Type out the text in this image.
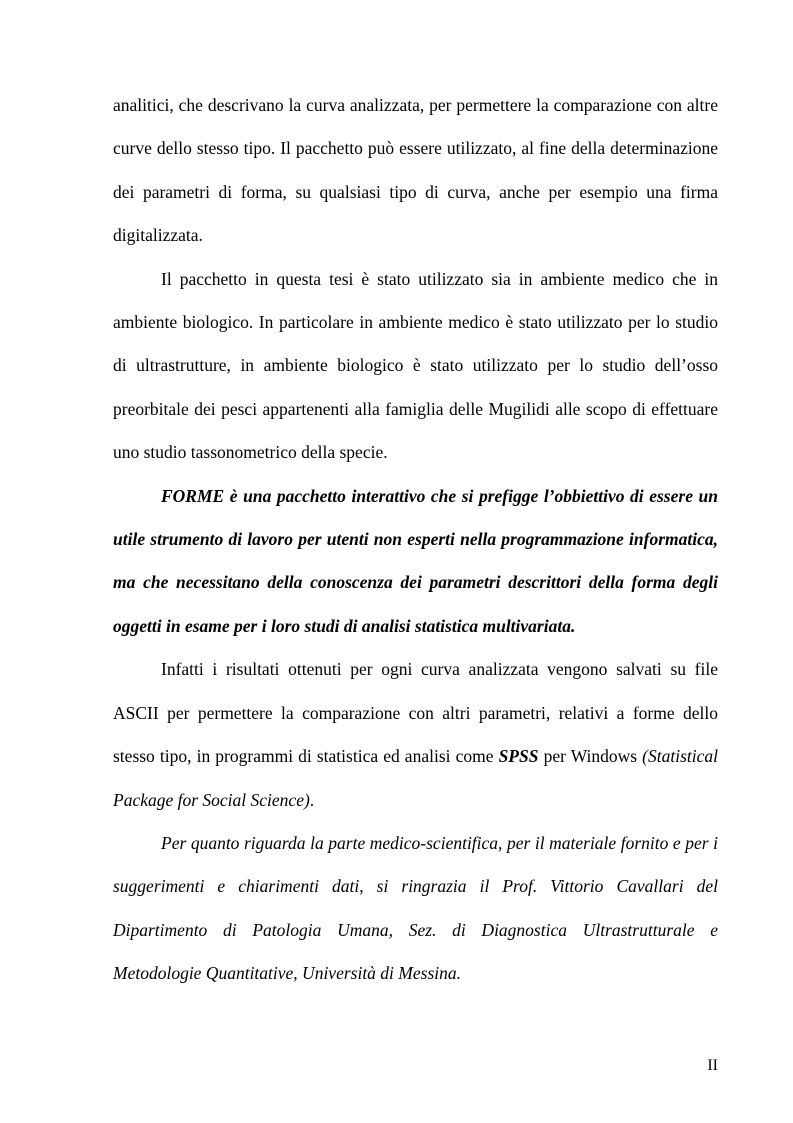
analitici, che descrivano la curva analizzata, per permettere la comparazione con altre curve dello stesso tipo. Il pacchetto può essere utilizzato, al fine della determinazione dei parametri di forma, su qualsiasi tipo di curva, anche per esempio una firma digitalizzata.

Il pacchetto in questa tesi è stato utilizzato sia in ambiente medico che in ambiente biologico. In particolare in ambiente medico è stato utilizzato per lo studio di ultrastrutture, in ambiente biologico è stato utilizzato per lo studio dell’osso preorbitale dei pesci appartenenti alla famiglia delle Mugilidi alle scopo di effettuare uno studio tassonometrico della specie.

FORME è una pacchetto interattivo che si prefigge l’obbiettivo di essere un utile strumento di lavoro per utenti non esperti nella programmazione informatica, ma che necessitano della conoscenza dei parametri descrittori della forma degli oggetti in esame per i loro studi di analisi statistica multivariata.

Infatti i risultati ottenuti per ogni curva analizzata vengono salvati su file ASCII per permettere la comparazione con altri parametri, relativi a forme dello stesso tipo, in programmi di statistica ed analisi come SPSS per Windows (Statistical Package for Social Science).

Per quanto riguarda la parte medico-scientifica, per il materiale fornito e per i suggerimenti e chiarimenti dati, si ringrazia il Prof. Vittorio Cavallari del Dipartimento di Patologia Umana, Sez. di Diagnostica Ultrastrutturale e Metodologie Quantitative, Università di Messina.

II
